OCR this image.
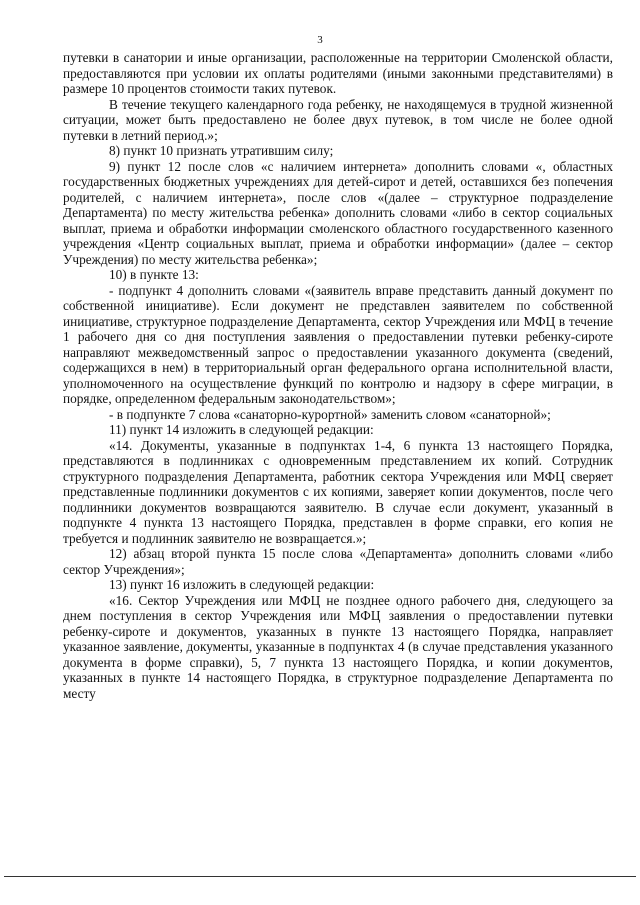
3

путевки в санатории и иные организации, расположенные на территории Смоленской области, предоставляются при условии их оплаты родителями (иными законными представителями) в размере 10 процентов стоимости таких путевок.

В течение текущего календарного года ребенку, не находящемуся в трудной жизненной ситуации, может быть предоставлено не более двух путевок, в том числе не более одной путевки в летний период.»;

8) пункт 10 признать утратившим силу;

9) пункт 12 после слов «с наличием интернета» дополнить словами «, областных государственных бюджетных учреждениях для детей-сирот и детей, оставшихся без попечения родителей, с наличием интернета», после слов «(далее – структурное подразделение Департамента) по месту жительства ребенка» дополнить словами «либо в сектор социальных выплат, приема и обработки информации смоленского областного государственного казенного учреждения «Центр социальных выплат, приема и обработки информации» (далее – сектор Учреждения) по месту жительства ребенка»;

10) в пункте 13:

- подпункт 4 дополнить словами «(заявитель вправе представить данный документ по собственной инициативе). Если документ не представлен заявителем по собственной инициативе, структурное подразделение Департамента, сектор Учреждения или МФЦ в течение 1 рабочего дня со дня поступления заявления о предоставлении путевки ребенку-сироте направляют межведомственный запрос о предоставлении указанного документа (сведений, содержащихся в нем) в территориальный орган федерального органа исполнительной власти, уполномоченного на осуществление функций по контролю и надзору в сфере миграции, в порядке, определенном федеральным законодательством»;

- в подпункте 7 слова «санаторно-курортной» заменить словом «санаторной»;

11) пункт 14 изложить в следующей редакции:

«14. Документы, указанные в подпунктах 1-4, 6 пункта 13 настоящего Порядка, представляются в подлинниках с одновременным представлением их копий. Сотрудник структурного подразделения Департамента, работник сектора Учреждения или МФЦ сверяет представленные подлинники документов с их копиями, заверяет копии документов, после чего подлинники документов возвращаются заявителю. В случае если документ, указанный в подпункте 4 пункта 13 настоящего Порядка, представлен в форме справки, его копия не требуется и подлинник заявителю не возвращается.»;

12) абзац второй пункта 15 после слова «Департамента» дополнить словами «либо сектор Учреждения»;

13) пункт 16 изложить в следующей редакции:

«16. Сектор Учреждения или МФЦ не позднее одного рабочего дня, следующего за днем поступления в сектор Учреждения или МФЦ заявления о предоставлении путевки ребенку-сироте и документов, указанных в пункте 13 настоящего Порядка, направляет указанное заявление, документы, указанные в подпунктах 4 (в случае представления указанного документа в форме справки), 5, 7 пункта 13 настоящего Порядка, и копии документов, указанных в пункте 14 настоящего Порядка, в структурное подразделение Департамента по месту
